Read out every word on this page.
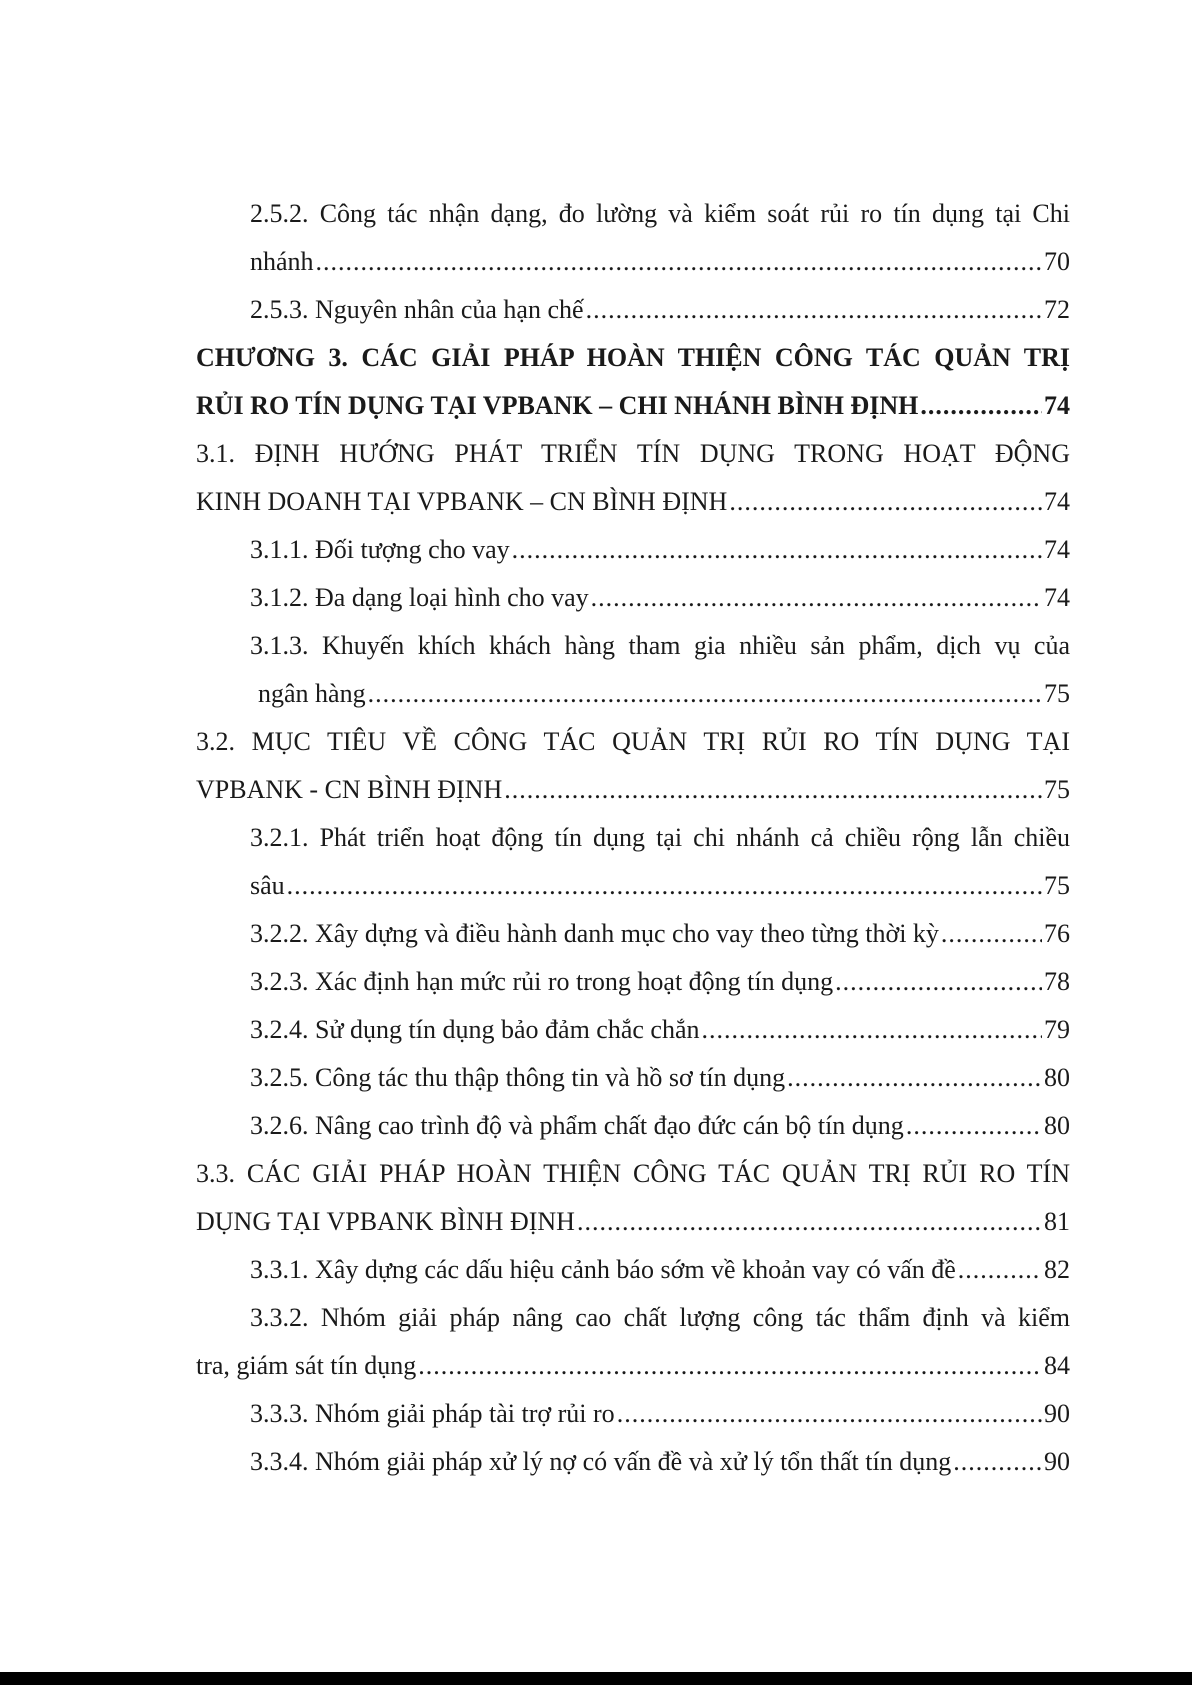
2.5.2. Công tác nhận dạng, đo lường và kiểm soát rủi ro tín dụng tại Chi
nhánh .....	70
2.5.3. Nguyên nhân của hạn chế .....	72
CHƯƠNG 3. CÁC GIẢI PHÁP HOÀN THIỆN CÔNG TÁC QUẢN TRỊ
RỦI RO TÍN DỤNG TẠI VPBANK – CHI NHÁNH BÌNH ĐỊNH .....	74
3.1. ĐỊNH HƯỚNG PHÁT TRIỂN TÍN DỤNG TRONG HOẠT ĐỘNG
KINH DOANH TẠI VPBANK – CN BÌNH ĐỊNH .....	74
3.1.1. Đối tượng cho vay .....	74
3.1.2. Đa dạng loại hình cho vay .....	74
3.1.3. Khuyến khích khách hàng tham gia nhiều sản phẩm, dịch vụ của
ngân hàng .....	75
3.2. MỤC TIÊU VỀ CÔNG TÁC QUẢN TRỊ RỦI RO TÍN DỤNG TẠI
VPBANK - CN BÌNH ĐỊNH .....	75
3.2.1. Phát triển hoạt động tín dụng tại chi nhánh cả chiều rộng lẫn chiều
sâu .....	75
3.2.2. Xây dựng và điều hành danh mục cho vay theo từng thời kỳ .....	76
3.2.3. Xác định hạn mức rủi ro trong hoạt động tín dụng .....	78
3.2.4. Sử dụng tín dụng bảo đảm chắc chắn .....	79
3.2.5. Công tác thu thập thông tin và hồ sơ tín dụng .....	80
3.2.6. Nâng cao trình độ và phẩm chất đạo đức cán bộ tín dụng .....	80
3.3. CÁC GIẢI PHÁP HOÀN THIỆN CÔNG TÁC QUẢN TRỊ RỦI RO TÍN
DỤNG TẠI VPBANK BÌNH ĐỊNH .....	81
3.3.1. Xây dựng các dấu hiệu cảnh báo sớm về khoản vay có vấn đề .....	82
3.3.2. Nhóm giải pháp nâng cao chất lượng công tác thẩm định và kiểm
tra, giám sát tín dụng .....	84
3.3.3. Nhóm giải pháp tài trợ rủi ro .....	90
3.3.4. Nhóm giải pháp xử lý nợ có vấn đề và xử lý tổn thất tín dụng .....	90
